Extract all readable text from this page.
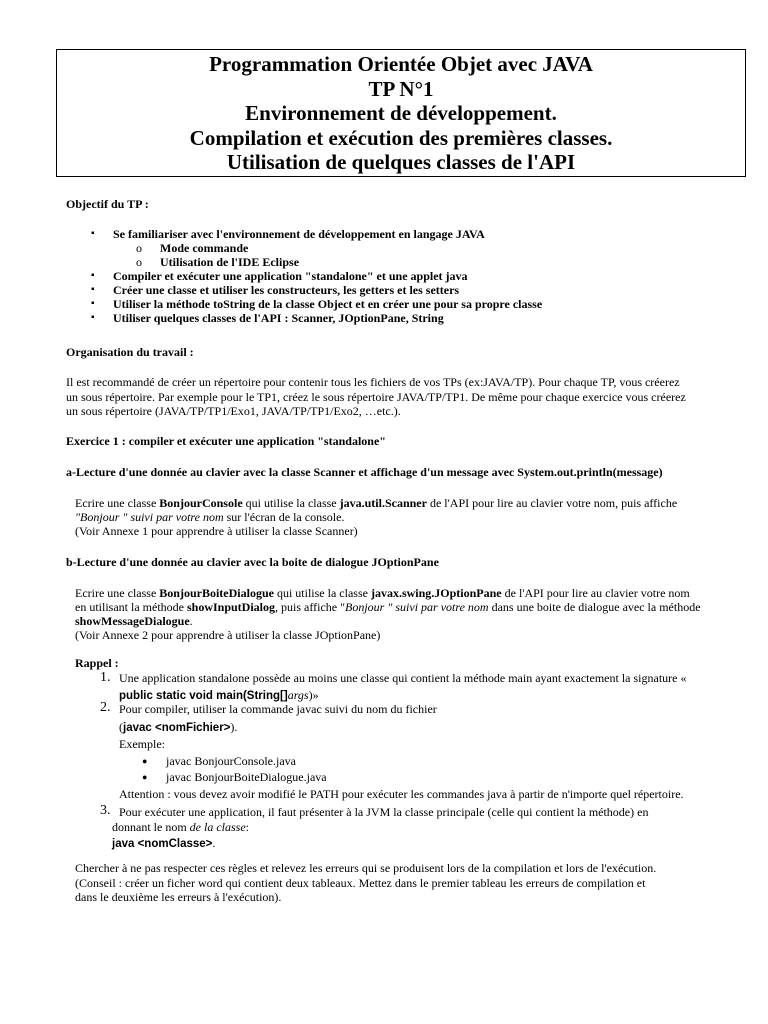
Programmation Orientée Objet avec JAVA
TP N°1
Environnement de développement.
Compilation et exécution des premières classes.
Utilisation de quelques classes de l'API
Objectif du TP :
▪ Se familiariser avec l'environnement de développement en langage JAVA
o Mode commande
o Utilisation de l'IDE Eclipse
▪ Compiler et exécuter une application "standalone" et une applet java
▪ Créer une classe et utiliser les constructeurs, les getters et les setters
▪ Utiliser la méthode toString de la classe Object et en créer une pour sa propre classe
▪ Utiliser quelques classes de l'API : Scanner, JOptionPane, String
Organisation du travail :
Il est recommandé de créer un répertoire pour contenir tous les fichiers de vos TPs (ex:JAVA/TP). Pour chaque TP, vous créerez
un sous répertoire. Par exemple pour le TP1, créez le sous répertoire JAVA/TP/TP1. De même pour chaque exercice vous créerez
un sous répertoire (JAVA/TP/TP1/Exo1, JAVA/TP/TP1/Exo2, …etc.).
Exercice 1 : compiler et exécuter une application "standalone"
a-Lecture d'une donnée au clavier avec la classe Scanner et affichage d'un message avec System.out.println(message)
Ecrire une classe BonjourConsole qui utilise la classe java.util.Scanner de l'API pour lire au clavier votre nom, puis affiche
"Bonjour " suivi par votre nom sur l'écran de la console.
(Voir Annexe 1 pour apprendre à utiliser la classe Scanner)
b-Lecture d'une donnée au clavier avec la boite de dialogue JOptionPane
Ecrire une classe BonjourBoiteDialogue qui utilise la classe javax.swing.JOptionPane de l'API pour lire au clavier votre nom
en utilisant la méthode showInputDialog, puis affiche "Bonjour " suivi par votre nom dans une boite de dialogue avec la méthode
showMessageDialogue.
(Voir Annexe 2 pour apprendre à utiliser la classe JOptionPane)
Rappel :
1. Une application standalone possède au moins une classe qui contient la méthode main ayant exactement la signature «
public static void main(String[]args)»
2. Pour compiler, utiliser la commande javac suivi du nom du fichier
(javac <nomFichier>).
Exemple:
● javac BonjourConsole.java
● javac BonjourBoiteDialogue.java
Attention : vous devez avoir modifié le PATH pour exécuter les commandes java à partir de n'importe quel répertoire.
3. Pour exécuter une application, il faut présenter à la JVM la classe principale (celle qui contient la méthode) en
donnant le nom de la classe:
java <nomClasse>.
Chercher à ne pas respecter ces règles et relevez les erreurs qui se produisent lors de la compilation et lors de l'exécution.
(Conseil : créer un ficher word qui contient deux tableaux. Mettez dans le premier tableau les erreurs de compilation et
dans le deuxième les erreurs à l'exécution).
